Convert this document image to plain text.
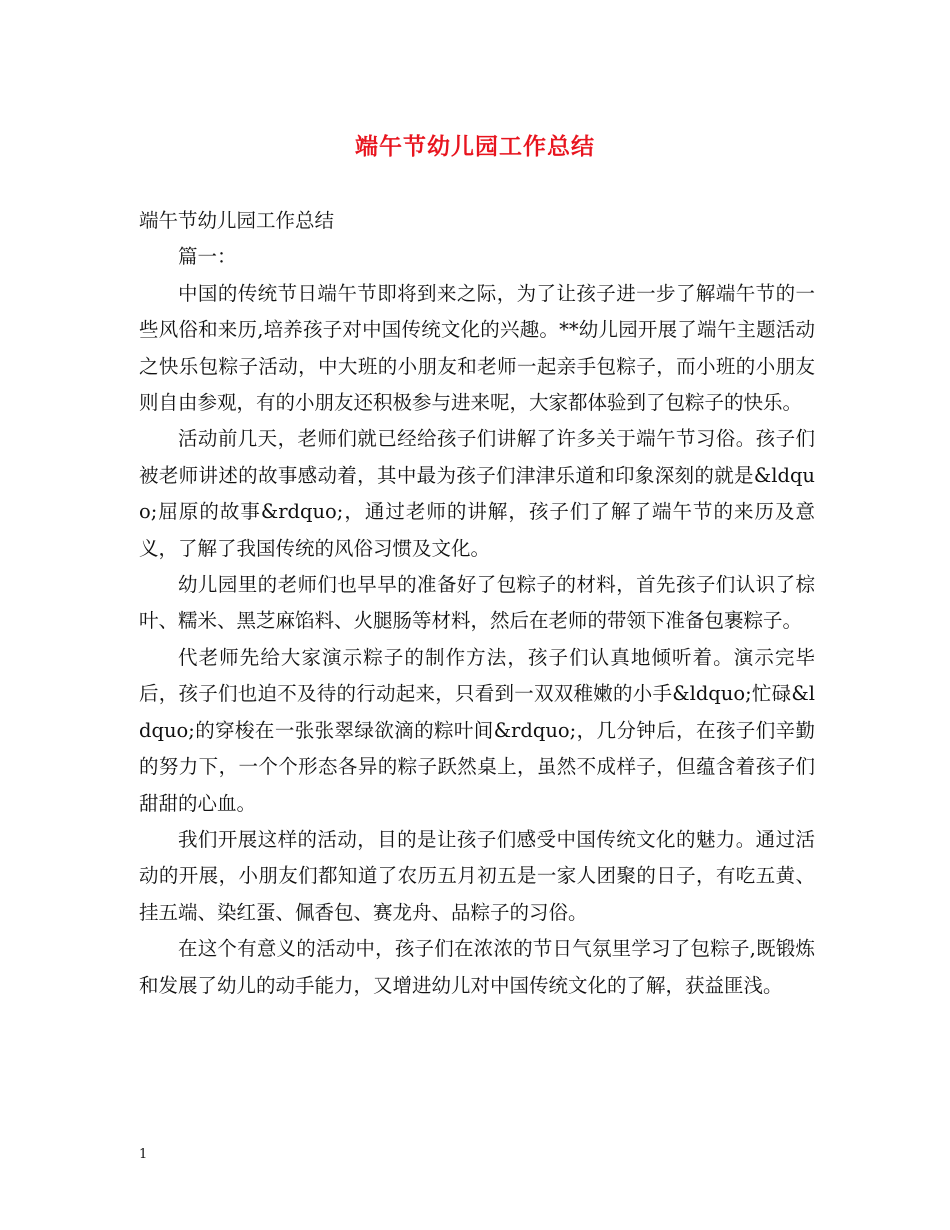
端午节幼儿园工作总结

端午节幼儿园工作总结

篇一：

中国的传统节日端午节即将到来之际，为了让孩子进一步了解端午节的一些风俗和来历,培养孩子对中国传统文化的兴趣。**幼儿园开展了端午主题活动之快乐包粽子活动，中大班的小朋友和老师一起亲手包粽子，而小班的小朋友则自由参观，有的小朋友还积极参与进来呢，大家都体验到了包粽子的快乐。

活动前几天，老师们就已经给孩子们讲解了许多关于端午节习俗。孩子们被老师讲述的故事感动着，其中最为孩子们津津乐道和印象深刻的就是&ldquo;屈原的故事&rdquo;，通过老师的讲解，孩子们了解了端午节的来历及意义，了解了我国传统的风俗习惯及文化。

幼儿园里的老师们也早早的准备好了包粽子的材料，首先孩子们认识了棕叶、糯米、黑芝麻馅料、火腿肠等材料，然后在老师的带领下准备包裹粽子。

代老师先给大家演示粽子的制作方法，孩子们认真地倾听着。演示完毕后，孩子们也迫不及待的行动起来，只看到一双双稚嫩的小手&ldquo;忙碌&ldquo;的穿梭在一张张翠绿欲滴的粽叶间&rdquo;，几分钟后，在孩子们辛勤的努力下，一个个形态各异的粽子跃然桌上，虽然不成样子，但蕴含着孩子们甜甜的心血。

我们开展这样的活动，目的是让孩子们感受中国传统文化的魅力。通过活动的开展，小朋友们都知道了农历五月初五是一家人团聚的日子，有吃五黄、挂五端、染红蛋、佩香包、赛龙舟、品粽子的习俗。

在这个有意义的活动中，孩子们在浓浓的节日气氛里学习了包粽子,既锻炼和发展了幼儿的动手能力，又增进幼儿对中国传统文化的了解，获益匪浅。

1
